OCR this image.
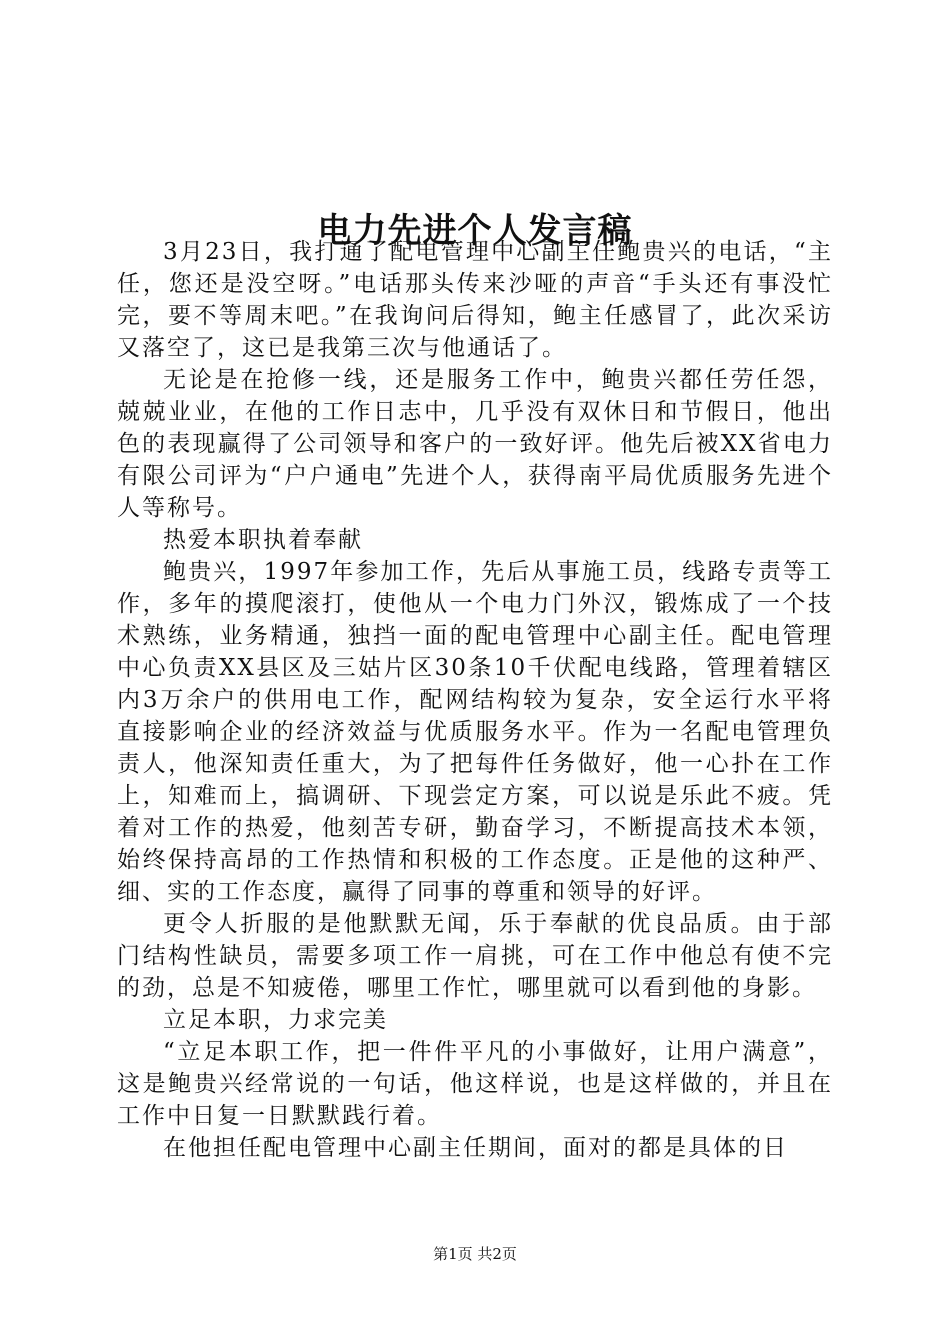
电力先进个人发言稿

3月23日，我打通了配电管理中心副主任鲍贵兴的电话，“主任，您还是没空呀。”电话那头传来沙哑的声音“手头还有事没忙完，要不等周末吧。”在我询问后得知，鲍主任感冒了，此次采访又落空了，这已是我第三次与他通话了。

无论是在抢修一线，还是服务工作中，鲍贵兴都任劳任怨，兢兢业业，在他的工作日志中，几乎没有双休日和节假日，他出色的表现赢得了公司领导和客户的一致好评。他先后被XX省电力有限公司评为“户户通电”先进个人，获得南平局优质服务先进个人等称号。

热爱本职执着奉献

鲍贵兴，1997年参加工作，先后从事施工员，线路专责等工作，多年的摸爬滚打，使他从一个电力门外汉，锻炼成了一个技术熟练，业务精通，独挡一面的配电管理中心副主任。配电管理中心负责XX县区及三姑片区30条10千伏配电线路，管理着辖区内3万余户的供用电工作，配网结构较为复杂，安全运行水平将直接影响企业的经济效益与优质服务水平。作为一名配电管理负责人，他深知责任重大，为了把每件任务做好，他一心扑在工作上，知难而上，搞调研、下现尝定方案，可以说是乐此不疲。凭着对工作的热爱，他刻苦专研，勤奋学习，不断提高技术本领，始终保持高昂的工作热情和积极的工作态度。正是他的这种严、细、实的工作态度，赢得了同事的尊重和领导的好评。

更令人折服的是他默默无闻，乐于奉献的优良品质。由于部门结构性缺员，需要多项工作一肩挑，可在工作中他总有使不完的劲，总是不知疲倦，哪里工作忙，哪里就可以看到他的身影。

立足本职，力求完美

“立足本职工作，把一件件平凡的小事做好，让用户满意”，这是鲍贵兴经常说的一句话，他这样说，也是这样做的，并且在工作中日复一日默默践行着。

在他担任配电管理中心副主任期间，面对的都是具体的日

第1页 共2页
